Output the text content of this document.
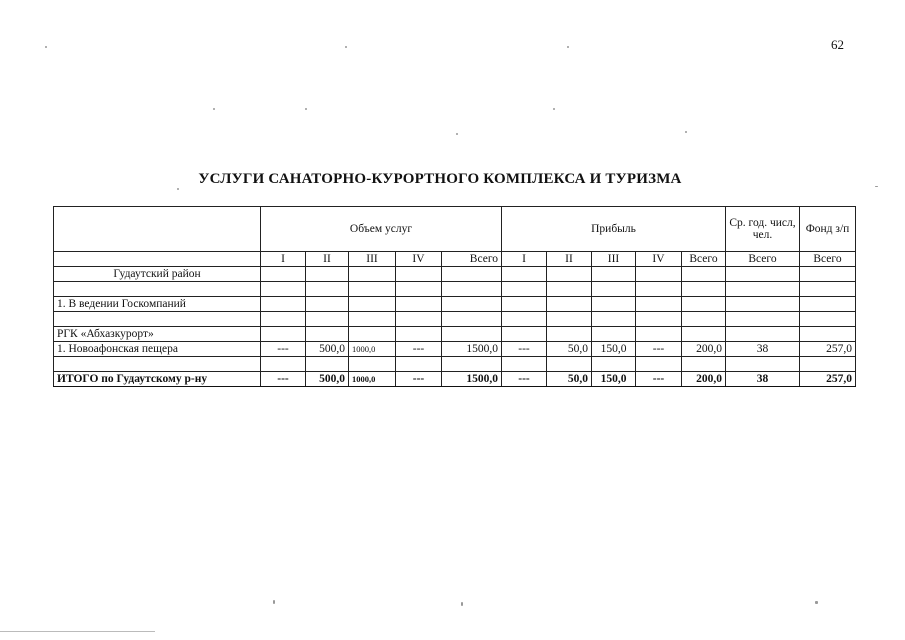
62
УСЛУГИ САНАТОРНО-КУРОРТНОГО КОМПЛЕКСА И ТУРИЗМА
	Объем услуг					Прибыль					Ср. год. числ, чел.	Фонд з/п
	I	II	III	IV	Всего	I	II	III	IV	Всего	Всего	Всего
Гудаутский район												

1. В ведении Госкомпаний												

РГК «Абхазкурорт»												
1. Новоафонская пещера	---	500,0	1000,0	---	1500,0	---	50,0	150,0	---	200,0	38	257,0

ИТОГО по Гудаутскому р-ну	---	500,0	1000,0	---	1500,0	---	50,0	150,0	---	200,0	38	257,0
